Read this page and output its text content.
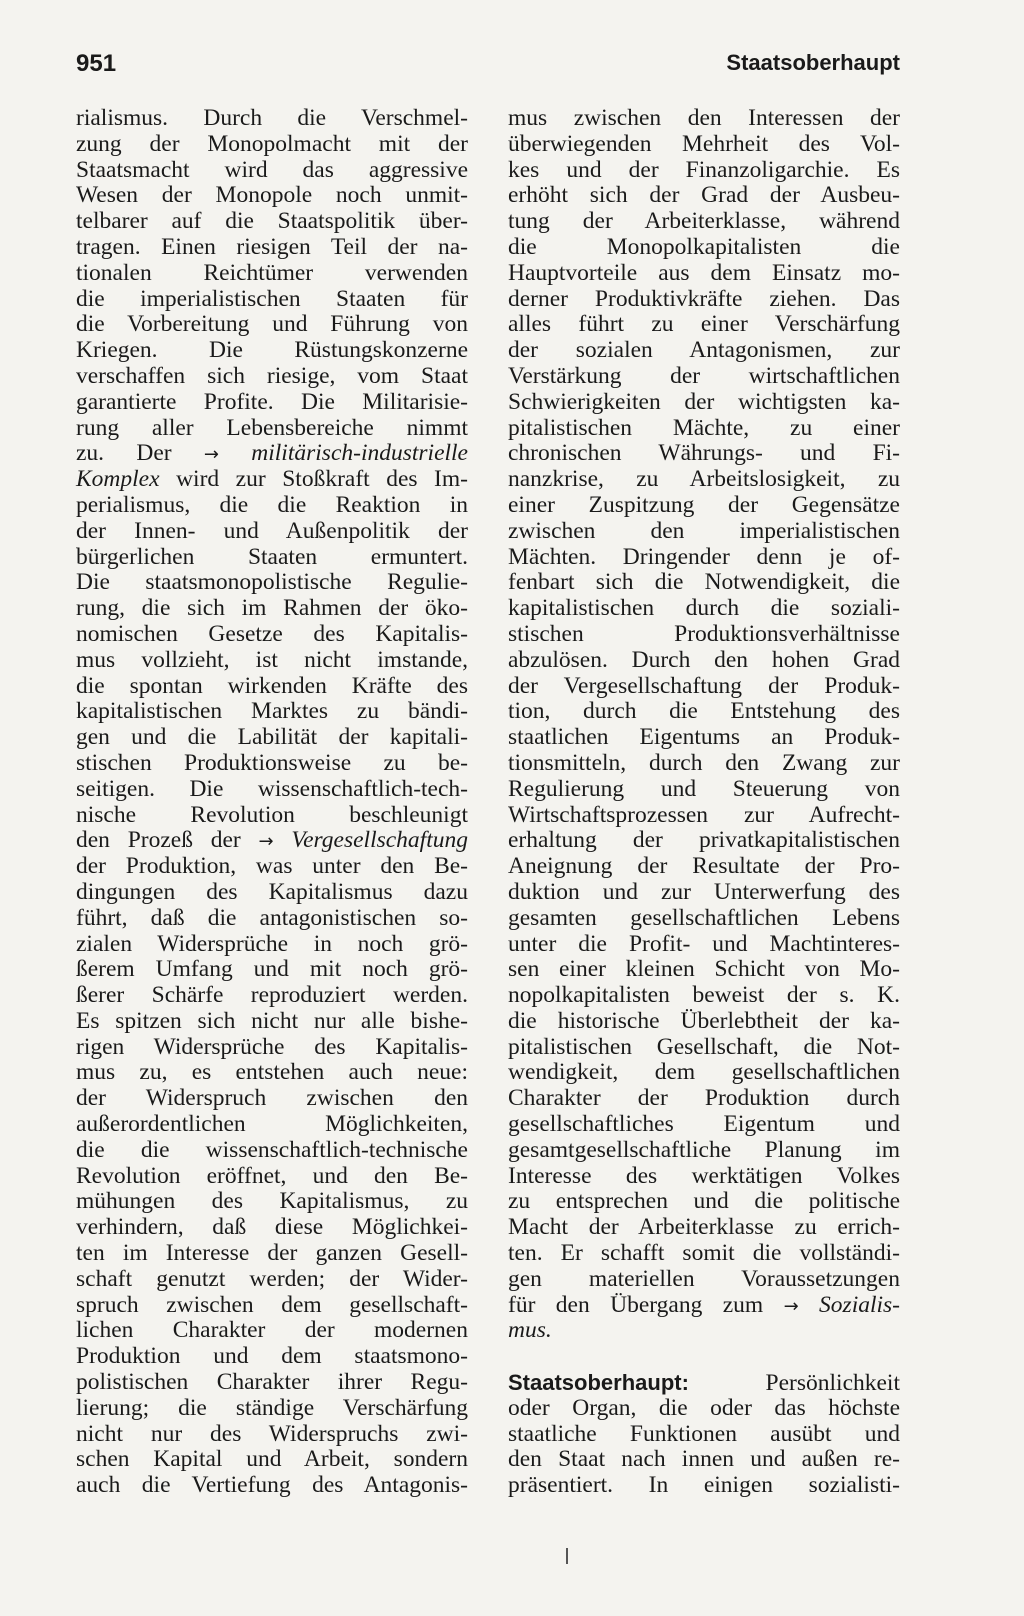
951	Staatsoberhaupt
rialismus. Durch die Verschmel-
zung der Monopolmacht mit der
Staatsmacht wird das aggressive
Wesen der Monopole noch unmit-
telbarer auf die Staatspolitik über-
tragen. Einen riesigen Teil der na-
tionalen Reichtümer verwenden
die imperialistischen Staaten für
die Vorbereitung und Führung von
Kriegen. Die Rüstungskonzerne
verschaffen sich riesige, vom Staat
garantierte Profite. Die Militarisie-
rung aller Lebensbereiche nimmt
zu. Der → militärisch-industrielle
Komplex wird zur Stoßkraft des Im-
perialismus, die die Reaktion in
der Innen- und Außenpolitik der
bürgerlichen Staaten ermuntert.
Die staatsmonopolistische Regulie-
rung, die sich im Rahmen der öko-
nomischen Gesetze des Kapitalis-
mus vollzieht, ist nicht imstande,
die spontan wirkenden Kräfte des
kapitalistischen Marktes zu bändi-
gen und die Labilität der kapitali-
stischen Produktionsweise zu be-
seitigen. Die wissenschaftlich-tech-
nische Revolution beschleunigt
den Prozeß der → Vergesellschaftung
der Produktion, was unter den Be-
dingungen des Kapitalismus dazu
führt, daß die antagonistischen so-
zialen Widersprüche in noch grö-
ßerem Umfang und mit noch grö-
ßerer Schärfe reproduziert werden.
Es spitzen sich nicht nur alle bishe-
rigen Widersprüche des Kapitalis-
mus zu, es entstehen auch neue:
der Widerspruch zwischen den
außerordentlichen Möglichkeiten,
die die wissenschaftlich-technische
Revolution eröffnet, und den Be-
mühungen des Kapitalismus, zu
verhindern, daß diese Möglichkei-
ten im Interesse der ganzen Gesell-
schaft genutzt werden; der Wider-
spruch zwischen dem gesellschaft-
lichen Charakter der modernen
Produktion und dem staatsmono-
polistischen Charakter ihrer Regu-
lierung; die ständige Verschärfung
nicht nur des Widerspruchs zwi-
schen Kapital und Arbeit, sondern
auch die Vertiefung des Antagonis-
mus zwischen den Interessen der
überwiegenden Mehrheit des Vol-
kes und der Finanzoligarchie. Es
erhöht sich der Grad der Ausbeu-
tung der Arbeiterklasse, während
die Monopolkapitalisten die
Hauptvorteile aus dem Einsatz mo-
derner Produktivkräfte ziehen. Das
alles führt zu einer Verschärfung
der sozialen Antagonismen, zur
Verstärkung der wirtschaftlichen
Schwierigkeiten der wichtigsten ka-
pitalistischen Mächte, zu einer
chronischen Währungs- und Fi-
nanzkrise, zu Arbeitslosigkeit, zu
einer Zuspitzung der Gegensätze
zwischen den imperialistischen
Mächten. Dringender denn je of-
fenbart sich die Notwendigkeit, die
kapitalistischen durch die soziali-
stischen Produktionsverhältnisse
abzulösen. Durch den hohen Grad
der Vergesellschaftung der Produk-
tion, durch die Entstehung des
staatlichen Eigentums an Produk-
tionsmitteln, durch den Zwang zur
Regulierung und Steuerung von
Wirtschaftsprozessen zur Aufrecht-
erhaltung der privatkapitalistischen
Aneignung der Resultate der Pro-
duktion und zur Unterwerfung des
gesamten gesellschaftlichen Lebens
unter die Profit- und Machtinteres-
sen einer kleinen Schicht von Mo-
nopolkapitalisten beweist der s. K.
die historische Überlebtheit der ka-
pitalistischen Gesellschaft, die Not-
wendigkeit, dem gesellschaftlichen
Charakter der Produktion durch
gesellschaftliches Eigentum und
gesamtgesellschaftliche Planung im
Interesse des werktätigen Volkes
zu entsprechen und die politische
Macht der Arbeiterklasse zu errich-
ten. Er schafft somit die vollständi-
gen materiellen Voraussetzungen
für den Übergang zum → Sozialis-
mus.
Staatsoberhaupt:	Persönlichkeit
oder Organ, die oder das höchste
staatliche Funktionen ausübt und
den Staat nach innen und außen re-
präsentiert. In einigen sozialisti-
